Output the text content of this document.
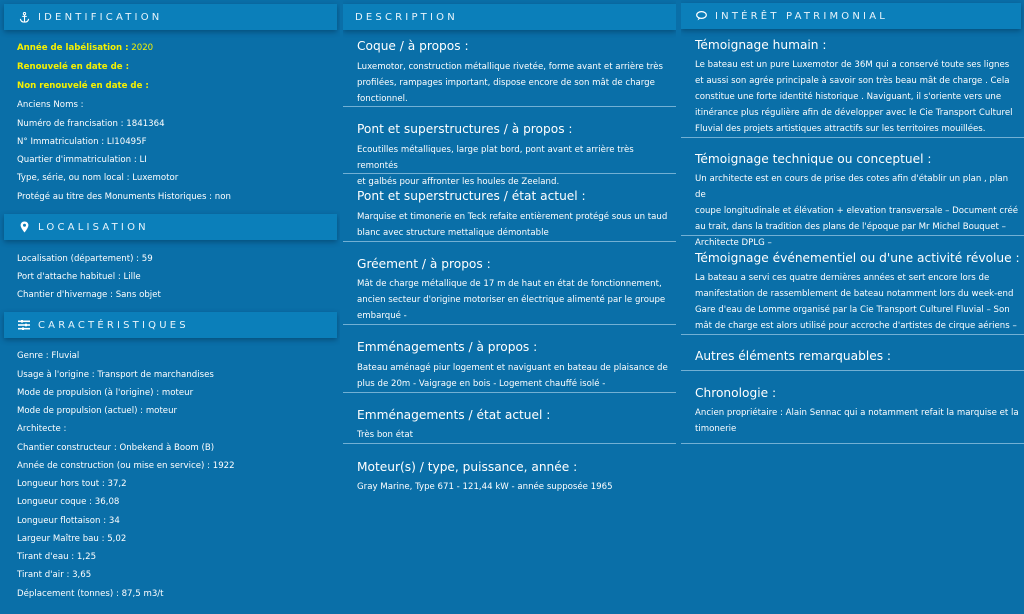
IDENTIFICATION
Année de labélisation : 2020
Renouvelé en date de :
Non renouvelé en date de :
Anciens Noms :
Numéro de francisation : 1841364
N° Immatriculation : LI10495F
Quartier d'immatriculation : LI
Type, série, ou nom local : Luxemotor
Protégé au titre des Monuments Historiques : non
LOCALISATION
Localisation (département) : 59
Port d'attache habituel : Lille
Chantier d'hivernage : Sans objet
CARACTÉRISTIQUES
Genre : Fluvial
Usage à l'origine : Transport de marchandises
Mode de propulsion (à l'origine) : moteur
Mode de propulsion (actuel) : moteur
Architecte :
Chantier constructeur : Onbekend à Boom (B)
Année de construction (ou mise en service) : 1922
Longueur hors tout : 37,2
Longueur coque : 36,08
Longueur flottaison : 34
Largeur Maître bau : 5,02
Tirant d'eau : 1,25
Tirant d'air : 3,65
Déplacement (tonnes) : 87,5 m3/t
DESCRIPTION
Coque / à propos :
Luxemotor, construction métallique rivetée, forme avant et arrière très
profilées, rampages important, dispose encore de son mât de charge
fonctionnel.
Pont et superstructures / à propos :
Ecoutilles métalliques, large plat bord, pont avant et arrière très remontés
et galbés pour affronter les houles de Zeeland.
Pont et superstructures / état actuel :
Marquise et timonerie en Teck refaite entièrement protégé sous un taud
blanc avec structure mettalique démontable
Gréement / à propos :
Mât de charge métallique de 17 m de haut en état de fonctionnement,
ancien secteur d'origine motoriser en électrique alimenté par le groupe
embarqué -
Emménagements / à propos :
Bateau aménagé piur logement et naviguant en bateau de plaisance de
plus de 20m - Vaigrage en bois - Logement chauffé isolé -
Emménagements / état actuel :
Très bon état
Moteur(s) / type, puissance, année :
Gray Marine, Type 671 - 121,44 kW - année supposée 1965
INTÉRÊT PATRIMONIAL
Témoignage humain :
Le bateau est un pure Luxemotor de 36M qui a conservé toute ses lignes
et aussi son agrée principale à savoir son très beau mât de charge . Cela
constitue une forte identité historique . Naviguant, il s'oriente vers une
itinérance plus régulière afin de développer avec le Cie Transport Culturel
Fluvial des projets artistiques attractifs sur les territoires mouillées.
Témoignage technique ou conceptuel :
Un architecte est en cours de prise des cotes afin d'établir un plan , plan de
coupe longitudinale et élévation + elevation transversale – Document créé
au trait, dans la tradition des plans de l'époque par Mr Michel Bouquet –
Architecte DPLG –
Témoignage événementiel ou d'une activité révolue :
La bateau a servi ces quatre dernières années et sert encore lors de
manifestation de rassemblement de bateau notamment lors du week-end
Gare d'eau de Lomme organisé par la Cie Transport Culturel Fluvial – Son
mât de charge est alors utilisé pour accroche d'artistes de cirque aériens –
Autres éléments remarquables :
Chronologie :
Ancien propriétaire : Alain Sennac qui a notamment refait la marquise et la
timonerie
